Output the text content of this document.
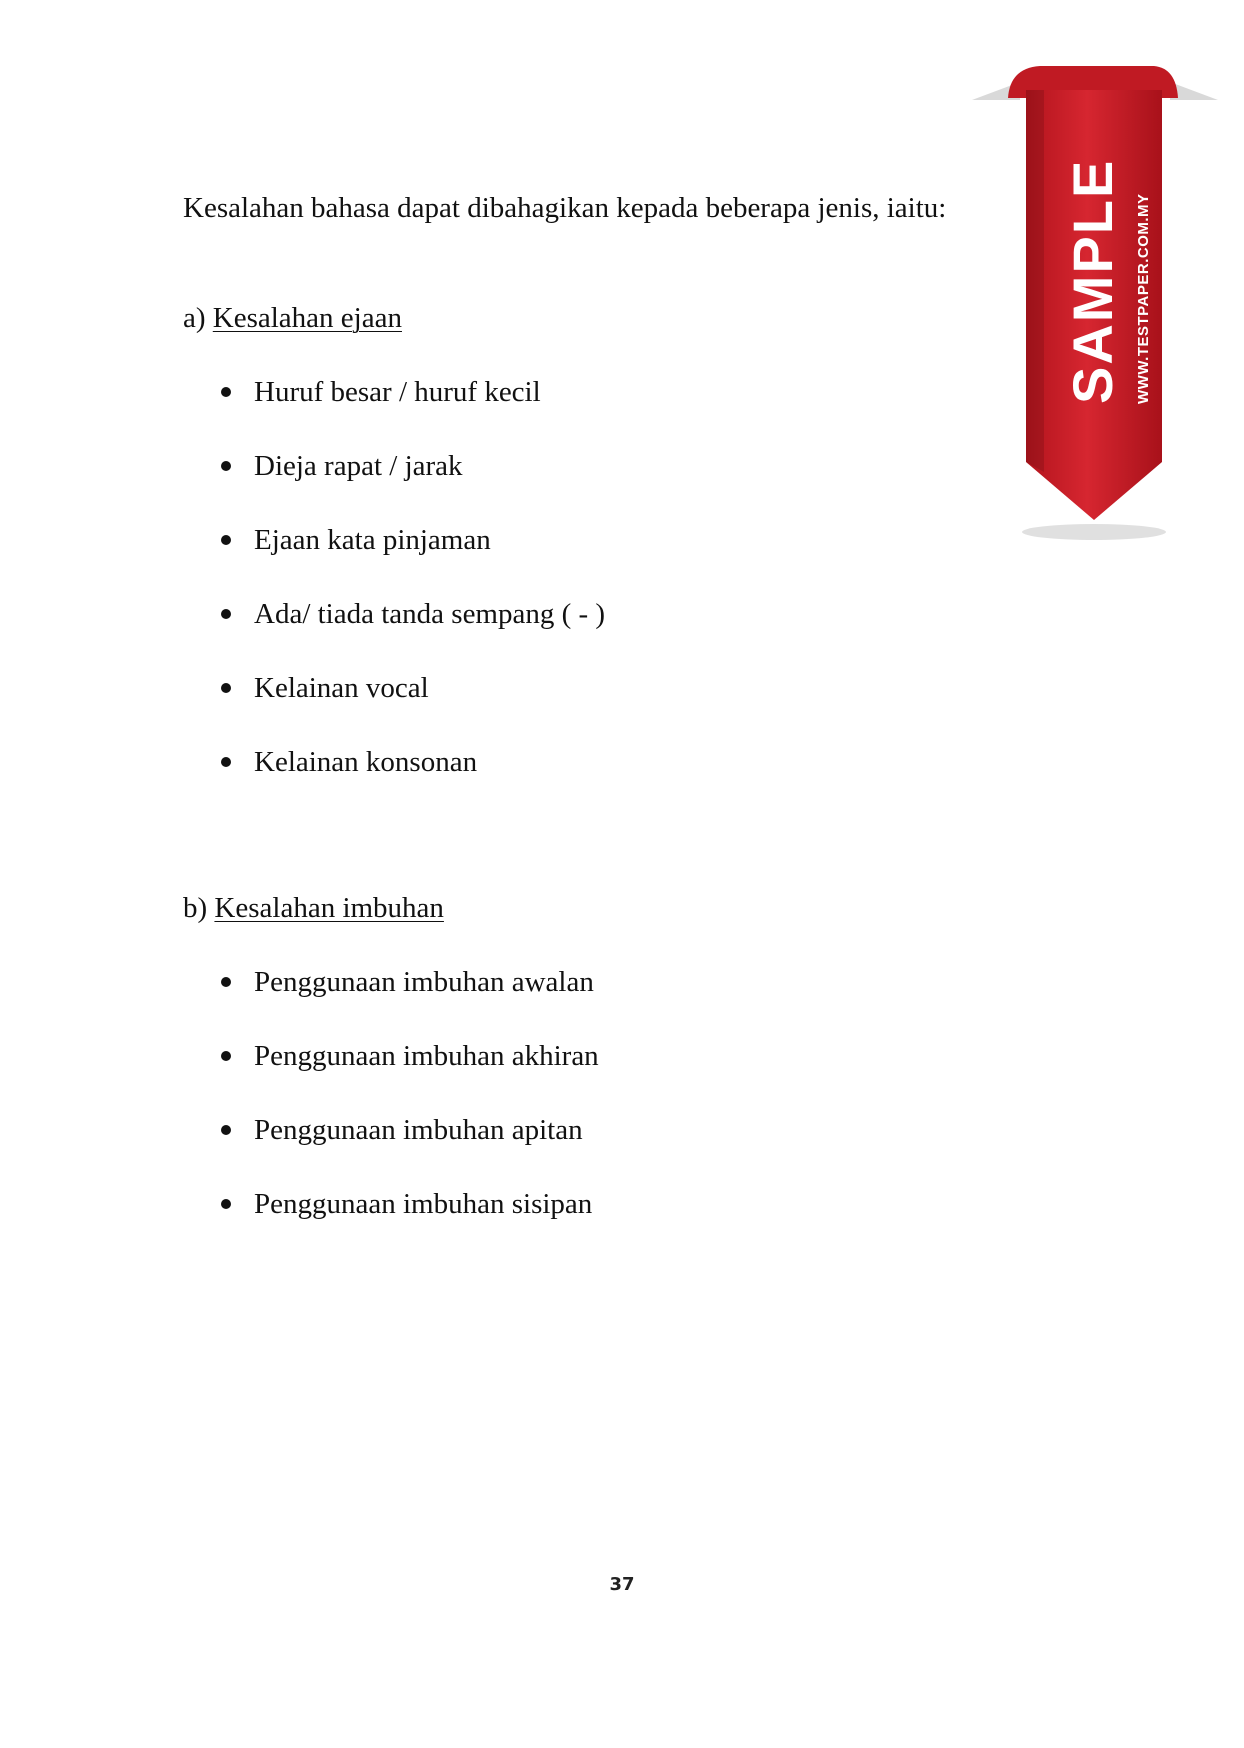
Kesalahan bahasa dapat dibahagikan kepada beberapa jenis, iaitu:
a) Kesalahan ejaan
Huruf besar / huruf kecil
Dieja rapat / jarak
Ejaan kata pinjaman
Ada/ tiada tanda sempang ( - )
Kelainan vocal
Kelainan konsonan
b) Kesalahan imbuhan
Penggunaan imbuhan awalan
Penggunaan imbuhan akhiran
Penggunaan imbuhan apitan
Penggunaan imbuhan sisipan
37
SAMPLE WWW.TESTPAPER.COM.MY
